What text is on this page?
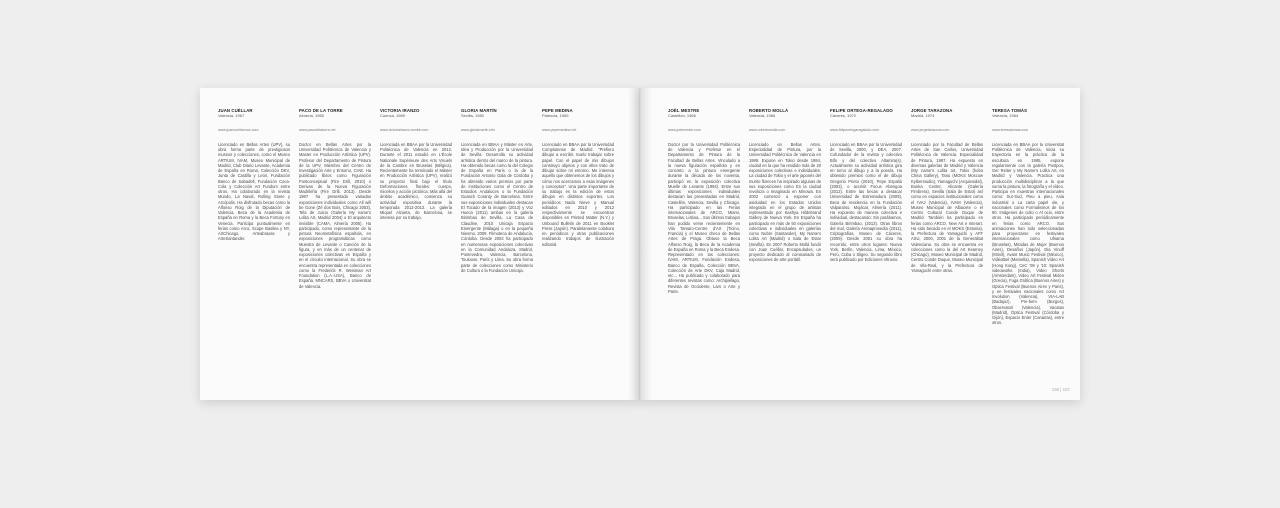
JUAN CUÉLLAR
Valencia, 1967
www.juancuellarcruz.com
Licenciado en Bellas Artes (UPV), su obra forma parte de prestigiosos museos y colecciones, como el Museo ARTIUM, IVAM, Museo Municipal de Madrid, Club Diario Levante, Academia de España en Roma, Colección DKV, Junta de Castilla y León, Fundación Banco de Sabadell, Fundación Coca-Cola y Colección Art Fundum entre otros. Ha colaborado en la revista Mundo, La Naval, Rolling Stone y Arcópolis. Ha disfrutado becas como la Alfonso Roig de la Diputación de Valencia, Beca de la Academia de España en Roma y la Beca Fortuny en Venecia. Participa puntualmente en ferias como Arco, Scope Basilea y NY, ArtChicago, Arteabraxas y ArteSantander.
PACO DE LA TORRE
Almería, 1965
www.pacodelatorre.net
Doctor en Bellas Artes por la Universidad Politécnica de Valencia y Master en Producción Artística (UPV). Profesor del Departamento de Pintura de la UPV, Miembro del Centro de Investigación Arte y Entorno, CIAE. Ha publicado libros como Figuración Postconceptual (Fire Drill, 2010) o Derivas de la Nueva Figuración Madrileña (Fire Drill, 2013). Desde 1987 ha presentado variadas exposiciones individuales como All will be Gone (Zé dos Bois, Chicago 2003), Tela de Juicio (Galería My name's Lolita Art, Madrid 2004) o El arquitecto invisible (CAMA, Almería 2005). Ha participado, como representante de la pintura Neometafísica española, en exposiciones programáticas como Muestra de Levante o Canción de la figura, y en más de un centenar de exposiciones colectivas en España y en el circuito internacional. Su obra se encuentra representada en colecciones como la Frederick R. Weisman Art Foundation (L.A.-USA), Banco de España, MNCARS, BBVA o Universitat de Valencia.
VICTORIA IRANZO
Cuenca, 1969
www.victoriairanzo.tumblr.com
Licenciada en BBAA por la Universidad Politécnica de Valencia en 2012. Durante el 2011 estudió en L'École Nationale Supérieure des Arts Visuels de la Cambre en Bruselas (Bélgica). Recientemente ha terminado el Máster en Producción Artística (UPV), realizó su proyecto final bajo el título Deformaciones florales: cuerpo, micelios y acción pictórica. Más allá del ámbito académico, comienza su actividad expositiva durante la temporada 2012-2013. La galería Miquel Alzueta, de Barcelona, se interesa por su trabajo.
GLORIA MARTÍN
Sevilla, 1980
www.gloriamartin.info
Licenciada en BBAA y Máster en Arte, Idea y Producción por la Universidad de Sevilla. Desarrolla su actividad artística dentro del marco de la pintura. Ha obtenido becas como la del Colegio de España en París o la de la Fundación Antonio Gala de Córdoba y ha obtenido varios premios por parte de instituciones como el Centro de Estudios Andaluces o la Fundación Guasch Coranty de Barcelona. Entre sus exposiciones individuales destacan El Tocado de la imagen (2013) y Voz Hueca (2011) ambas en la galería Birimbao de Sevilla, La Casa de Claudine, 2010 Unicaja Espacio Emergente (Málaga) o en la pequeña Niesmo, 2009. Filmoteca de Andalucía, Córdoba. Desde 2002 ha participado en numerosas exposiciones colectivas en la Comunidad Andaluza, Madrid, Pontevedra, Valencia, Barcelona, Toulouse, París y Lima. Su obra forma parte de colecciones como Ministerio de Cultura o la Fundación Unicaja.
PEPE MEDINA
Palencia, 1969
www.pepemedina.net
Licenciado en BBAA por la Universidad Complutense de Madrid. "Prefiero dibujar a escribir. Suelo trabajar sobre papel. Con el papel de mis dibujos construyo objetos y con ellos trato de dibujar sobre mi entorno. Me interesa aquello que obtenemos de los dibujos y cómo nos acercamos a esas imágenes y conceptos". Una parte importante de su trabajo es la edición de estos dibujos en distintos soportes. Los periódicos Nada Nieve y Manual editados en 2010 y 2012 respectivamente se encuentran disponibles en Printed Matter (N.Y.) y Unbound Bulletin de 2011 en Booklet Press (Japón). Paralelamente colabora en periódicos y otras publicaciones realizando trabajos de ilustración editorial.
JOËL MESTRE
Castellón, 1966
www.joelmestre.com
Doctor por la Universidad Politécnica de Valencia y Profesor en el Departamento de Pintura de la Facultad de Bellas Artes. Vinculado a la nueva figuración española y en concreto a la pintura emergente durante la década de los noventa, participó en la exposición colectiva Muelle de Levante (1994). Entre sus últimas exposiciones individuales destacan las presentadas en Madrid, Castellón, Valencia, Sevilla y Chicago. Ha participado en las Ferias internacionales de ARCO, Miami, Bruselas, Lisboa... Sus últimos trabajos han podido verse recientemente en Vila Tamaro-Centre d'Art (Ticino, Francia) y el Museo checo de Bellas Artes de Praga. Obtuvo la Beca Alfonso Roig, la Beca de la Academia de España en Roma y la Beca Endesa. Representado en las colecciones: IVAM, ARTIUM, Fundación Endesa, Banco de España, Colección BBVA, Colección de Arte DKV, Caja Madrid, etc... Ha publicado y colaborado para diferentes revistas como: Archipiélago, Revista de Occidente, Lars o Arte y Parte.
ROBERTO MOLLÁ
Valencia, 1966
www.robertomolla.com
Licenciado en Bellas Artes. Especialidad de Pintura, por la Universidad Politécnica de Valencia en 1989. Expone en Tokio desde 1994, ciudad en la que ha residido más de 20 exposiciones colectivas e individuales. La ciudad de Tokio y el arte japonés del murito florecen ha inspirado algunas de sus exposiciones como En la ciudad revoloza o Imaginado en Minowa. En 2002 comenzó a exponer con asiduidad en los Estados Unidos integrado en el grupo de artistas representado por Kashya Hildebrand Gallery de Nueva York. En España ha participado en más de 50 exposiciones colectivas e individuales en galerías como Nubre (Santander), My Name's Lolita Art (Madrid) o Sala de Estar (Sevilla). En 2007 Roberto Mollá fundó con Juan Cuéllar, Encapsulados, un proyecto dedicado al comisariado de exposiciones de arte portátil.
FELIPE ORTEGA-REGALADO
Cáceres, 1972
www.felipeortegaregalado.com
Licenciado en BBAA por la Universidad de Sevilla, 2000, y DEA, 2007. Cofundador de la revista y colectivo Bifo y del colectivo Altamira(s). Actualmente su actividad artística gira en torno al dibujo y a la poesía. Ha obtenido premios como el de dibujo Gregorio Prieto (2010), Pepe Espaliú (2003), o accésit Focus Abengoa (2012). Entre las becas a destacar Universidad de Extremadura (2009), Beca de residencia en la Fundación Valparaíso, Mojácar, Almería (2011). Ha expuesto de manera colectiva e individual, destacando: Sin parábamos, Galería Birimbao, (2013). Otras libros del mal, Galería Arenaprovedia (2011), Criptografías, Museo de Cáceres, (2009). Desde 2001 su obra ha recorrido, entre otros lugares: Nueva York, Berlín, Valencia, Lima, México, Perú, Cuba o Sligeo. Su segundo libro será publicado por Ediciones Vitruvio.
JORGE TARAZONA
Madrid, 1974
www.jorgetarazona.com
Licenciado por la Facultad de Bellas Artes de San Carlos, Universidad Politécnica de Valencia. Especialidad de Pintura, 1997. Ha expuesto en diversas galerías de Madrid y Valencia (My name's Lolita art, Tokio (hobo China Gallery), Tanu (MOKS Moscow Kyiberstudio), Yamaguchi (Arquivoidal), Bunka Center, Alicante (Galería Fimbrera), Sevilla (Sala de Estar) así como en espacios institucionales como el IVAJ (Valencia), IVAM (Valencia), Museo Municipal de Albacete o el Centro Cultural Conde Duque de Madrid. También ha participado en ferias como ARCO, New Art e Interart. Ha sido becado en el MOKS (Estonia), la Prefectura de Yamaguchi y AFF ASU, 2000, 2001 de la Generalitat Valenciana. Su obra se encuentra en colecciones como la del Art Kearney (Chicago), Museo Municipal de Madrid, Centro Conde Duque, Museo Municipal de Vila-Real, y la Prefectura de Yamaguchi entre otras.
TERESA TOMÁS
Valencia, 1964
www.teresatomas.com
Licenciada en BBAA por la Universitat Politècnica de València, inicia su trayectoria en la práctica de la escultura en 1985, expone regularmente con la galería Postpos, Ger Reiter y My Name's Lolita Art, en Madrid y Valencia. Practica una producción multidisciplinar a la que suma la pintura, la fotografía y el vídeo. Participa en muestras internacionales como: Sur-Sud, Pieu a pieu, Asia industrial o La carta papel ole, y nacionales como Formalismos de los 90. Imágenes de culto o Al ocio, entre otros. Ha participado periódicamente en ferias como ARCO. Sus animaciones han sido seleccionadas para proyectarse en festivales internacionales como Uhiama (Bruselas), Miradas de Mujer (Buenos Aires), Desafíos (Japón), Dia Vinuff (Móvil), Avant Music Festival (México), VidéoBiel (Marsella), Spanish Video Art (Hong Kong), CeC '09 y '10: Spanish videoworks (India), Video Shorts (Amsterdam), Video Art Festival Miden (Grecia), Fuga Gráfica (Buenos Aires) y Optica Festival (Buenos Aires y Paris), y en festivales nacionales como Art Involution (Valencia), VIA-LAB (Badajoz), Pre-bem (Burgos), Observatori (Valencia), Vacatas (Madrid), Óptica Festival (Córdoba y Gijón), Espacio Enter (Canarias), entre otros.
156 | 157
